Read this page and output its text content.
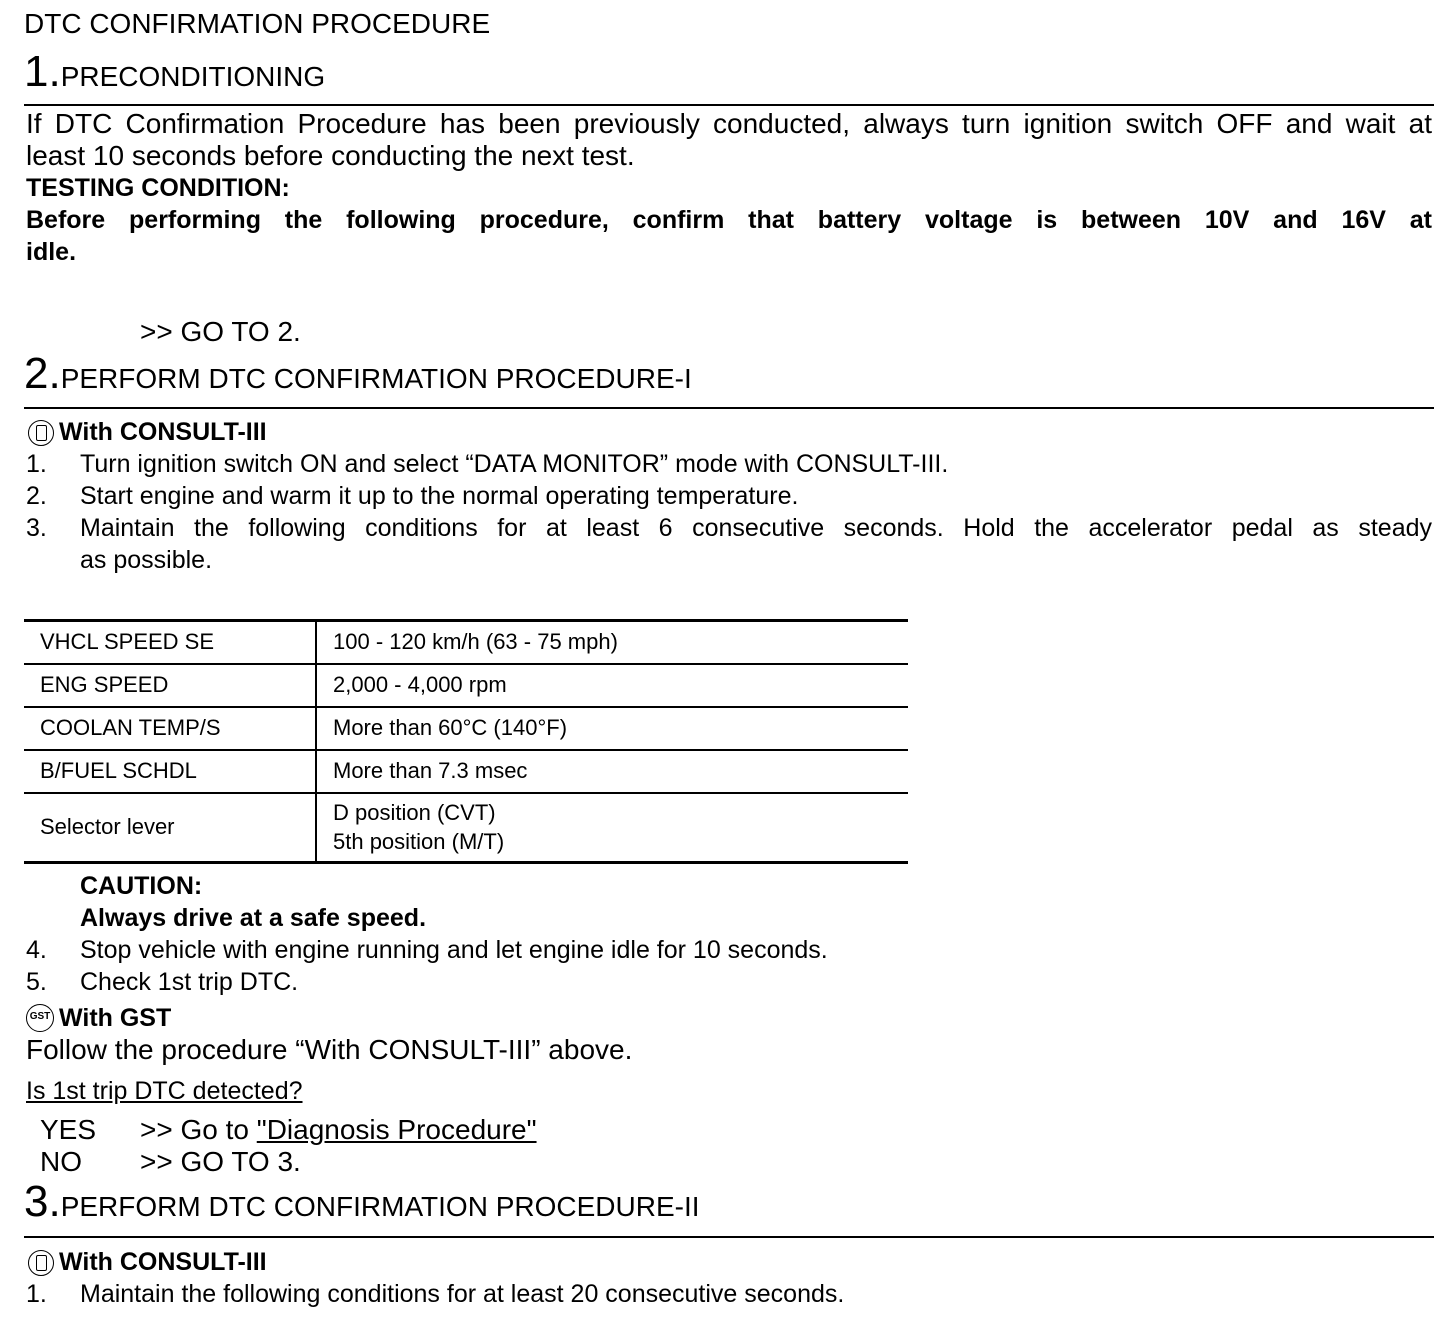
DTC CONFIRMATION PROCEDURE
1.PRECONDITIONING
If DTC Confirmation Procedure has been previously conducted, always turn ignition switch OFF and wait at
least 10 seconds before conducting the next test.
TESTING CONDITION:
Before performing the following procedure, confirm that battery voltage is between 10V and 16V at
idle.
>> GO TO 2.
2.PERFORM DTC CONFIRMATION PROCEDURE-I
With CONSULT-III
1. Turn ignition switch ON and select “DATA MONITOR” mode with CONSULT-III.
2. Start engine and warm it up to the normal operating temperature.
3. Maintain the following conditions for at least 6 consecutive seconds. Hold the accelerator pedal as steady
as possible.
VHCL SPEED SE	100 - 120 km/h (63 - 75 mph)
ENG SPEED	2,000 - 4,000 rpm
COOLAN TEMP/S	More than 60°C (140°F)
B/FUEL SCHDL	More than 7.3 msec
Selector lever	D position (CVT)
5th position (M/T)
CAUTION:
Always drive at a safe speed.
4. Stop vehicle with engine running and let engine idle for 10 seconds.
5. Check 1st trip DTC.
GST With GST
Follow the procedure “With CONSULT-III” above.
Is 1st trip DTC detected?
YES >> Go to "Diagnosis Procedure"
NO >> GO TO 3.
3.PERFORM DTC CONFIRMATION PROCEDURE-II
With CONSULT-III
1. Maintain the following conditions for at least 20 consecutive seconds.
